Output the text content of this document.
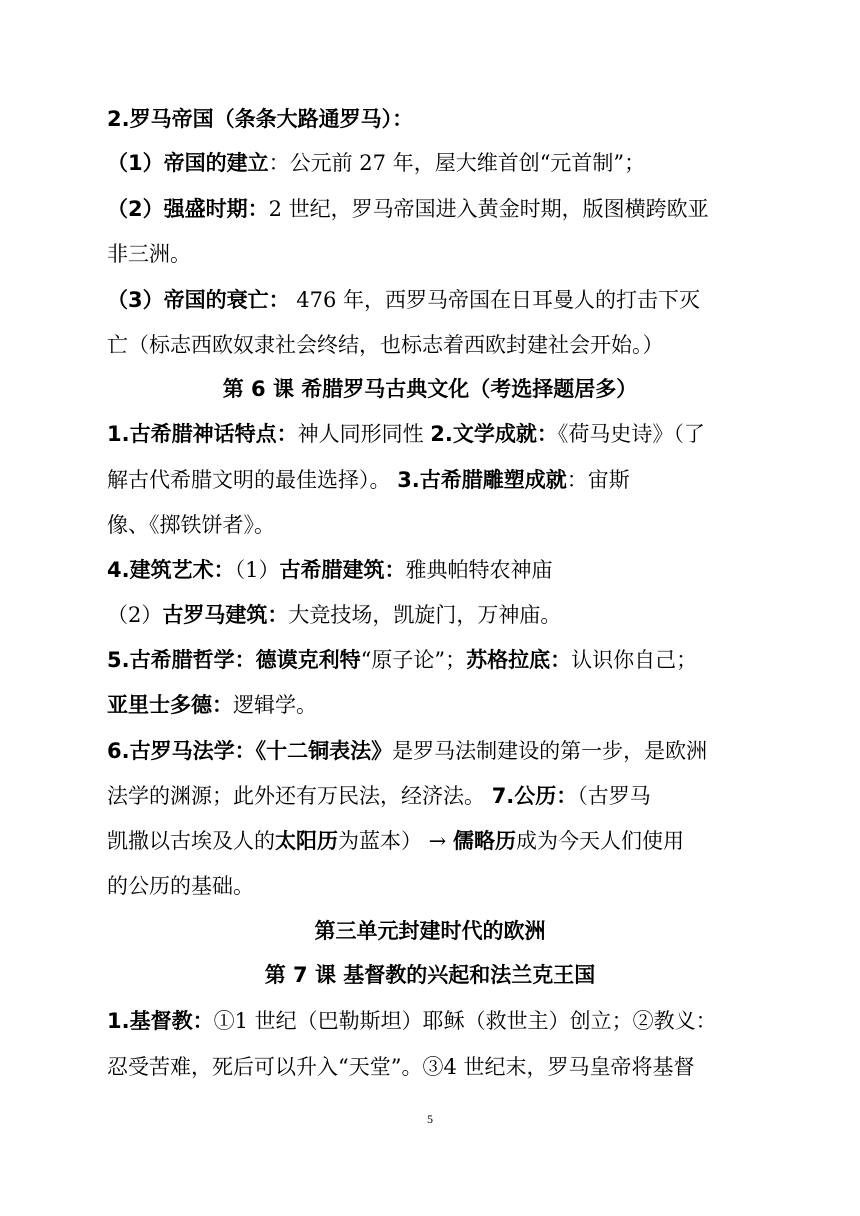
2.罗马帝国（条条大路通罗马）：
（1）帝国的建立：公元前 27 年，屋大维首创“元首制”；
（2）强盛时期：2 世纪，罗马帝国进入黄金时期，版图横跨欧亚
非三洲。
（3）帝国的衰亡： 476 年，西罗马帝国在日耳曼人的打击下灭
亡（标志西欧奴隶社会终结，也标志着西欧封建社会开始。）
第 6 课 希腊罗马古典文化（考选择题居多）
1.古希腊神话特点：神人同形同性 2.文学成就：《荷马史诗》（了
解古代希腊文明的最佳选择）。 3.古希腊雕塑成就：宙斯
像、《掷铁饼者》。
4.建筑艺术：（1）古希腊建筑：雅典帕特农神庙
（2）古罗马建筑：大竞技场，凯旋门，万神庙。
5.古希腊哲学：德谟克利特“原子论”；苏格拉底：认识你自己；
亚里士多德：逻辑学。
6.古罗马法学：《十二铜表法》是罗马法制建设的第一步，是欧洲
法学的渊源；此外还有万民法，经济法。 7.公历：（古罗马
凯撒以古埃及人的太阳历为蓝本） → 儒略历成为今天人们使用
的公历的基础。
第三单元封建时代的欧洲
第 7 课 基督教的兴起和法兰克王国
1.基督教：①1 世纪（巴勒斯坦）耶稣（救世主）创立；②教义：
忍受苦难，死后可以升入“天堂”。③4 世纪末，罗马皇帝将基督
5
